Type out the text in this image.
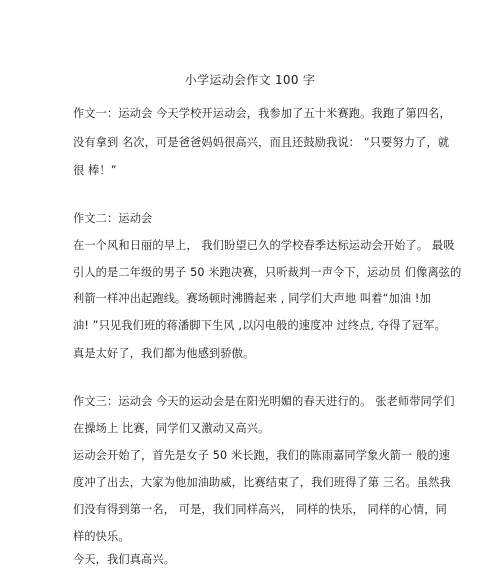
小学运动会作文 100 字
作文一：运动会 今天学校开运动会，我参加了五十米赛跑。我跑了第四名，
没有拿到 名次，可是爸爸妈妈很高兴，而且还鼓励我说： “只要努力了，就
很 棒！”
作文二：运动会
在一个风和日丽的早上， 我们盼望已久的学校春季达标运动会开始了。 最吸
引人的是二年级的男子 50 米跑决赛，只听裁判一声令下，运动员 们像离弦的
利箭一样冲出起跑线。赛场顿时沸腾起来 , 同学们大声地 叫着“加油 !加
油! ”只见我们班的蒋潘脚下生风 ,以闪电般的速度冲 过终点, 夺得了冠军。
真是太好了，我们都为他感到骄傲。
作文三：运动会 今天的运动会是在阳光明媚的春天进行的。 张老师带同学们
在操场上 比赛，同学们又激动又高兴。
运动会开始了，首先是女子 50 米长跑，我们的陈雨嘉同学象火箭一 般的速
度冲了出去，大家为他加油助威，比赛结束了，我们班得了第 三名。虽然我
们没有得到第一名， 可是，我们同样高兴， 同样的快乐， 同样的心情，同
样的快乐。
今天，我们真高兴。
